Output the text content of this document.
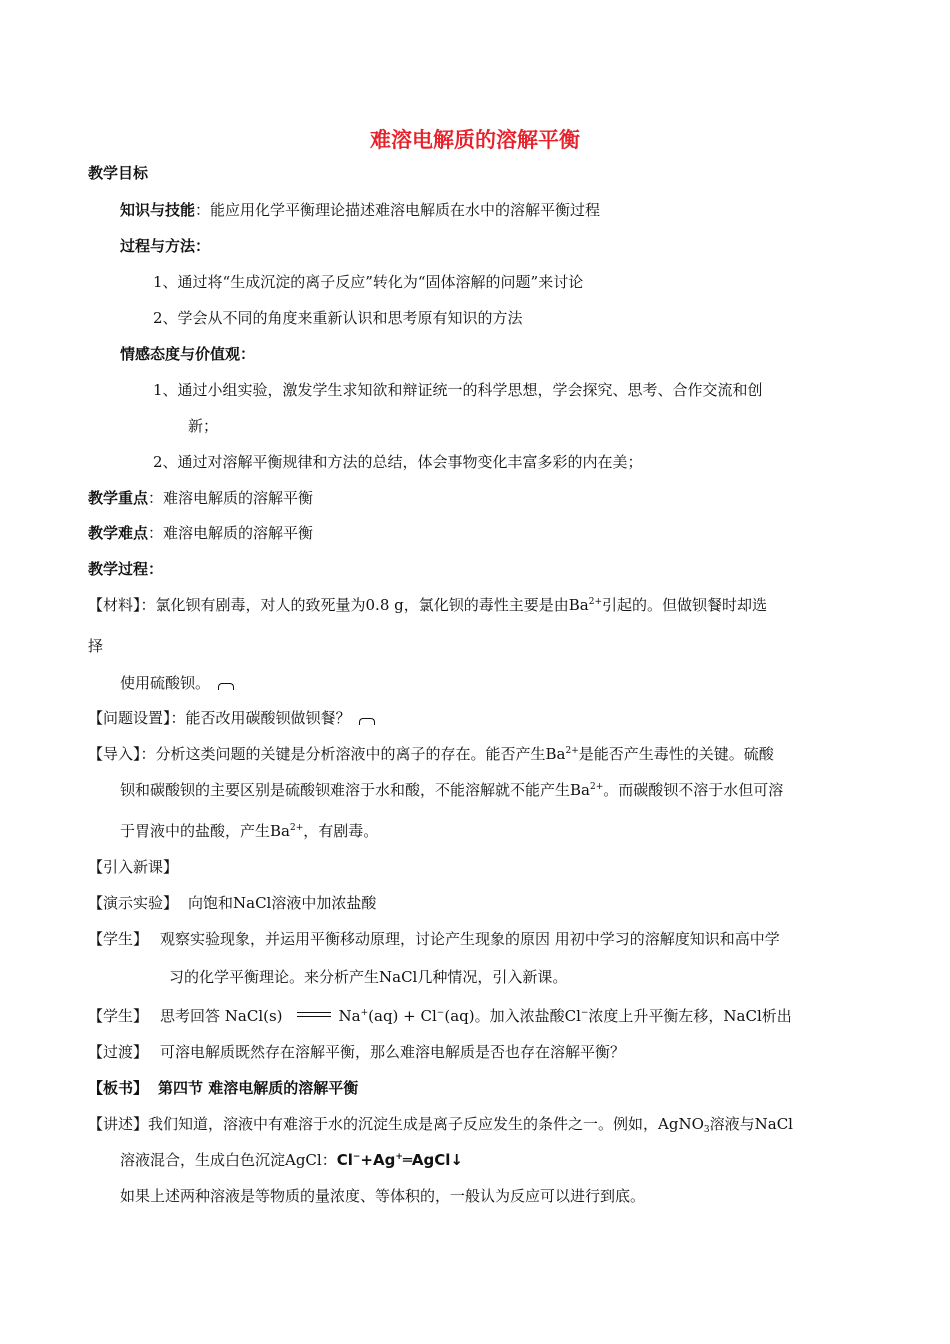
难溶电解质的溶解平衡
教学目标
知识与技能：能应用化学平衡理论描述难溶电解质在水中的溶解平衡过程
过程与方法：
1、通过将“生成沉淀的离子反应”转化为“固体溶解的问题”来讨论
2、学会从不同的角度来重新认识和思考原有知识的方法
情感态度与价值观：
1、通过小组实验，激发学生求知欲和辩证统一的科学思想，学会探究、思考、合作交流和创
新；
2、通过对溶解平衡规律和方法的总结，体会事物变化丰富多彩的内在美；
教学重点：难溶电解质的溶解平衡
教学难点：难溶电解质的溶解平衡
教学过程：
【材料】：氯化钡有剧毒，对人的致死量为0.8 g，氯化钡的毒性主要是由$Ba^{2+}$引起的。但做钡餐时却选
择
使用硫酸钡。
【问题设置】：能否改用碳酸钡做钡餐？
【导入】：分析这类问题的关键是分析溶液中的离子的存在。能否产生$Ba^{2+}$是能否产生毒性的关键。硫酸
钡和碳酸钡的主要区别是硫酸钡难溶于水和酸，不能溶解就不能产生$Ba^{2+}$。而碳酸钡不溶于水但可溶
于胃液中的盐酸，产生$Ba^{2+}$，有剧毒。
【引入新课】
【演示实验】 向饱和NaCl溶液中加浓盐酸
【学生】 观察实验现象，并运用平衡移动原理，讨论产生现象的原因 用初中学习的溶解度知识和高中学
习的化学平衡理论。来分析产生NaCl几种情况，引入新课。
【学生】 思考回答 NaCl(s)	Na+(aq) + Cl−(aq)。加入浓盐酸Cl−浓度上升平衡左移，NaCl析出
【过渡】 可溶电解质既然存在溶解平衡，那么难溶电解质是否也存在溶解平衡？
【板书】 第四节 难溶电解质的溶解平衡
【讲述】我们知道，溶液中有难溶于水的沉淀生成是离子反应发生的条件之一。例如，AgNO$_3$溶液与NaCl
溶液混合，生成白色沉淀AgCl：Cl−+Ag+═AgCl↓
如果上述两种溶液是等物质的量浓度、等体积的，一般认为反应可以进行到底。
